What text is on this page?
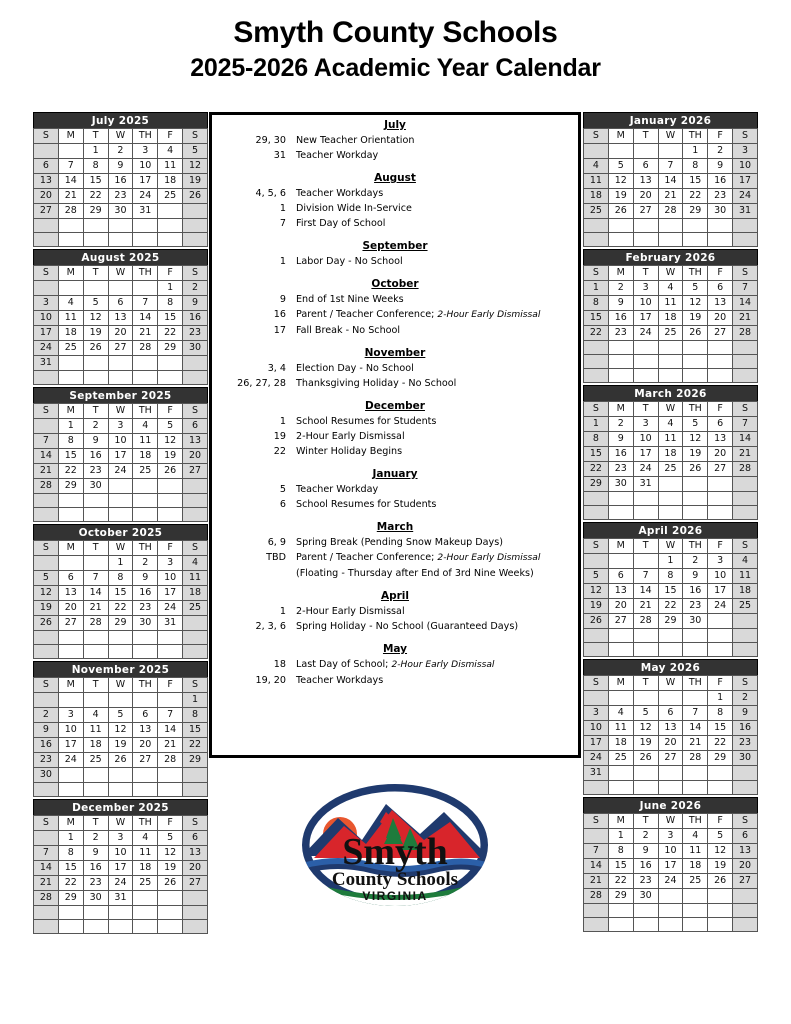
Smyth County Schools
2025-2026 Academic Year Calendar
July 2025
S	M	T	W	TH	F	S
		1	2	3	4	5
6	7	8	9	10	11	12
13	14	15	16	17	18	19
20	21	22	23	24	25	26
27	28	29	30	31		

August 2025
S	M	T	W	TH	F	S
					1	2
3	4	5	6	7	8	9
10	11	12	13	14	15	16
17	18	19	20	21	22	23
24	25	26	27	28	29	30
31						

September 2025
S	M	T	W	TH	F	S
	1	2	3	4	5	6
7	8	9	10	11	12	13
14	15	16	17	18	19	20
21	22	23	24	25	26	27
28	29	30				

October 2025
S	M	T	W	TH	F	S
			1	2	3	4
5	6	7	8	9	10	11
12	13	14	15	16	17	18
19	20	21	22	23	24	25
26	27	28	29	30	31	

November 2025
S	M	T	W	TH	F	S
						1
2	3	4	5	6	7	8
9	10	11	12	13	14	15
16	17	18	19	20	21	22
23	24	25	26	27	28	29
30						

December 2025
S	M	T	W	TH	F	S
	1	2	3	4	5	6
7	8	9	10	11	12	13
14	15	16	17	18	19	20
21	22	23	24	25	26	27
28	29	30	31			

July
29, 30	New Teacher Orientation
31	Teacher Workday
August
4, 5, 6	Teacher Workdays
1	Division Wide In-Service
7	First Day of School
September
1	Labor Day - No School
October
9	End of 1st Nine Weeks
16	Parent / Teacher Conference; 2-Hour Early Dismissal
17	Fall Break - No School
November
3, 4	Election Day - No School
26, 27, 28	Thanksgiving Holiday - No School
December
1	School Resumes for Students
19	2-Hour Early Dismissal
22	Winter Holiday Begins
January
5	Teacher Workday
6	School Resumes for Students
March
6, 9	Spring Break (Pending Snow Makeup Days)
TBD	Parent / Teacher Conference; 2-Hour Early Dismissal
(Floating - Thursday after End of 3rd Nine Weeks)
April
1	2-Hour Early Dismissal
2, 3, 6	Spring Holiday - No School (Guaranteed Days)
May
18	Last Day of School; 2-Hour Early Dismissal
19, 20	Teacher Workdays
January 2026
S	M	T	W	TH	F	S
				1	2	3
4	5	6	7	8	9	10
11	12	13	14	15	16	17
18	19	20	21	22	23	24
25	26	27	28	29	30	31

February 2026
S	M	T	W	TH	F	S
1	2	3	4	5	6	7
8	9	10	11	12	13	14
15	16	17	18	19	20	21
22	23	24	25	26	27	28

March 2026
S	M	T	W	TH	F	S
1	2	3	4	5	6	7
8	9	10	11	12	13	14
15	16	17	18	19	20	21
22	23	24	25	26	27	28
29	30	31				

April 2026
S	M	T	W	TH	F	S
			1	2	3	4
5	6	7	8	9	10	11
12	13	14	15	16	17	18
19	20	21	22	23	24	25
26	27	28	29	30		

May 2026
S	M	T	W	TH	F	S
					1	2
3	4	5	6	7	8	9
10	11	12	13	14	15	16
17	18	19	20	21	22	23
24	25	26	27	28	29	30
31						

June 2026
S	M	T	W	TH	F	S
	1	2	3	4	5	6
7	8	9	10	11	12	13
14	15	16	17	18	19	20
21	22	23	24	25	26	27
28	29	30				

Smyth
County Schools
VIRGINIA
